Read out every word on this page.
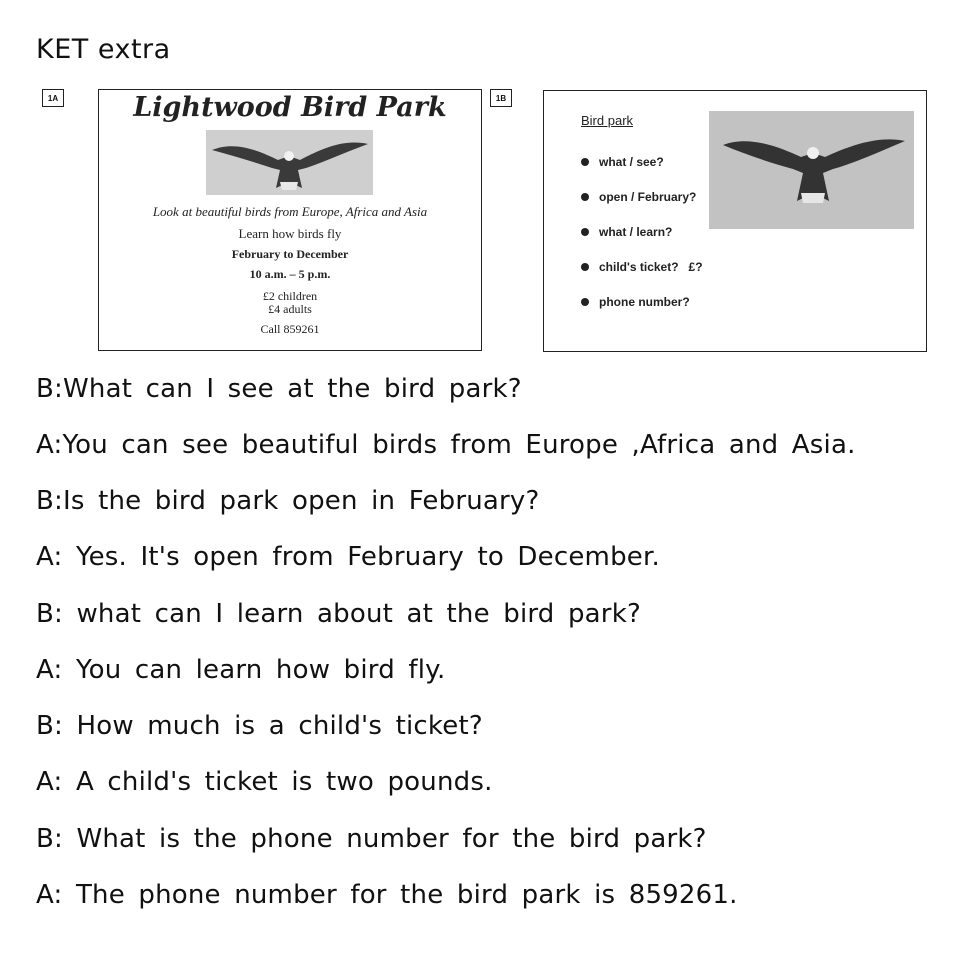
KET extra
1A	Lightwood Bird Park
Look at beautiful birds from Europe, Africa and Asia
Learn how birds fly
February to December
10 a.m. – 5 p.m.
£2 children
£4 adults
Call 859261
1B
Bird park
what / see?
open / February?
what / learn?
child's ticket?   £?
phone number?
B:What can I see at the bird park?
A:You can see beautiful birds from Europe ,Africa and Asia.
B:Is the bird park open in February?
A: Yes. It's open from February to December.
B: what can I learn about at the bird park?
A: You can learn how bird fly.
B: How much is a child's ticket?
A: A child's ticket is two pounds.
B: What is the phone number for the bird park?
A: The phone number for the bird park is 859261.
